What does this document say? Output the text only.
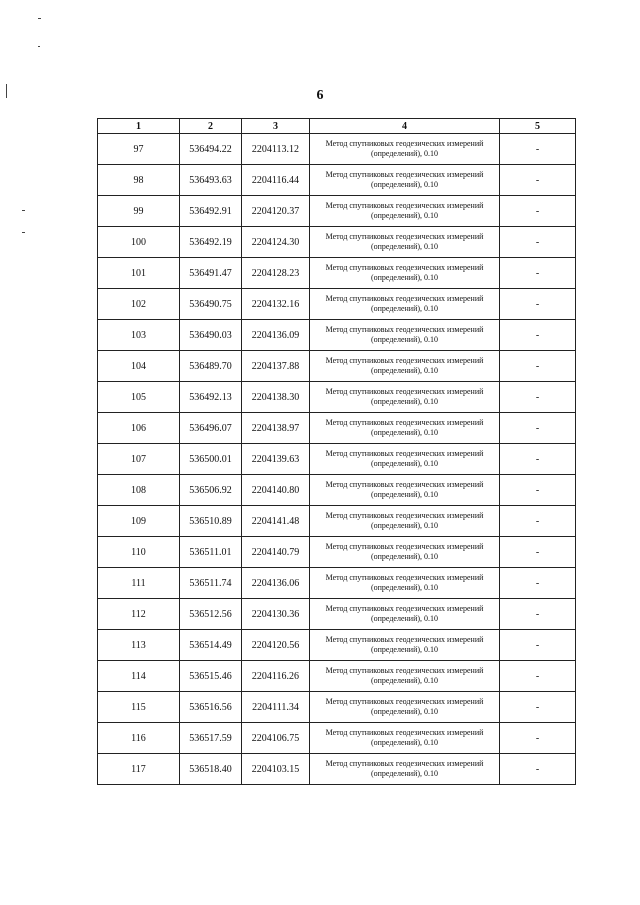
6
1	2	3	4	5
97	536494.22	2204113.12	Метод спутниковых геодезических измерений (определений), 0.10	-
98	536493.63	2204116.44	Метод спутниковых геодезических измерений (определений), 0.10	-
99	536492.91	2204120.37	Метод спутниковых геодезических измерений (определений), 0.10	-
100	536492.19	2204124.30	Метод спутниковых геодезических измерений (определений), 0.10	-
101	536491.47	2204128.23	Метод спутниковых геодезических измерений (определений), 0.10	-
102	536490.75	2204132.16	Метод спутниковых геодезических измерений (определений), 0.10	-
103	536490.03	2204136.09	Метод спутниковых геодезических измерений (определений), 0.10	-
104	536489.70	2204137.88	Метод спутниковых геодезических измерений (определений), 0.10	-
105	536492.13	2204138.30	Метод спутниковых геодезических измерений (определений), 0.10	-
106	536496.07	2204138.97	Метод спутниковых геодезических измерений (определений), 0.10	-
107	536500.01	2204139.63	Метод спутниковых геодезических измерений (определений), 0.10	-
108	536506.92	2204140.80	Метод спутниковых геодезических измерений (определений), 0.10	-
109	536510.89	2204141.48	Метод спутниковых геодезических измерений (определений), 0.10	-
110	536511.01	2204140.79	Метод спутниковых геодезических измерений (определений), 0.10	-
111	536511.74	2204136.06	Метод спутниковых геодезических измерений (определений), 0.10	-
112	536512.56	2204130.36	Метод спутниковых геодезических измерений (определений), 0.10	-
113	536514.49	2204120.56	Метод спутниковых геодезических измерений (определений), 0.10	-
114	536515.46	2204116.26	Метод спутниковых геодезических измерений (определений), 0.10	-
115	536516.56	2204111.34	Метод спутниковых геодезических измерений (определений), 0.10	-
116	536517.59	2204106.75	Метод спутниковых геодезических измерений (определений), 0.10	-
117	536518.40	2204103.15	Метод спутниковых геодезических измерений (определений), 0.10	-
